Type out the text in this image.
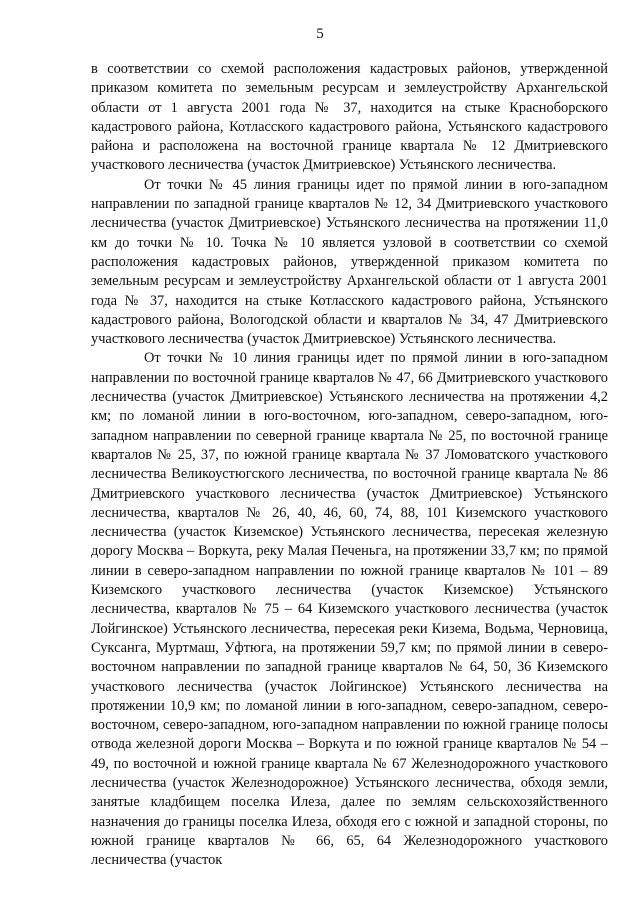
5

в соответствии со схемой расположения кадастровых районов, утвержденной приказом комитета по земельным ресурсам и землеустройству Архангельской области от 1 августа 2001 года № 37, находится на стыке Красноборского кадастрового района, Котласского кадастрового района, Устьянского кадастрового района и расположена на восточной границе квартала № 12 Дмитриевского участкового лесничества (участок Дмитриевское) Устьянского лесничества.

От точки № 45 линия границы идет по прямой линии в юго-западном направлении по западной границе кварталов № 12, 34 Дмитриевского участкового лесничества (участок Дмитриевское) Устьянского лесничества на протяжении 11,0 км до точки № 10. Точка № 10 является узловой в соответствии со схемой расположения кадастровых районов, утвержденной приказом комитета по земельным ресурсам и землеустройству Архангельской области от 1 августа 2001 года № 37, находится на стыке Котласского кадастрового района, Устьянского кадастрового района, Вологодской области и кварталов № 34, 47 Дмитриевского участкового лесничества (участок Дмитриевское) Устьянского лесничества.

От точки № 10 линия границы идет по прямой линии в юго-западном направлении по восточной границе кварталов № 47, 66 Дмитриевского участкового лесничества (участок Дмитриевское) Устьянского лесничества на протяжении 4,2 км; по ломаной линии в юго-восточном, юго-западном, северо-западном, юго-западном направлении по северной границе квартала № 25, по восточной границе кварталов № 25, 37, по южной границе квартала № 37 Ломоватского участкового лесничества Великоустюгского лесничества, по восточной границе квартала № 86 Дмитриевского участкового лесничества (участок Дмитриевское) Устьянского лесничества, кварталов № 26, 40, 46, 60, 74, 88, 101 Киземского участкового лесничества (участок Киземское) Устьянского лесничества, пересекая железную дорогу Москва – Воркута, реку Малая Печеньга, на протяжении 33,7 км; по прямой линии в северо-западном направлении по южной границе кварталов № 101 – 89 Киземского участкового лесничества (участок Киземское) Устьянского лесничества, кварталов № 75 – 64 Киземского участкового лесничества (участок Лойгинское) Устьянского лесничества, пересекая реки Кизема, Водьма, Черновица, Суксанга, Муртмаш, Уфтюга, на протяжении 59,7 км; по прямой линии в северо-восточном направлении по западной границе кварталов № 64, 50, 36 Киземского участкового лесничества (участок Лойгинское) Устьянского лесничества на протяжении 10,9 км; по ломаной линии в юго-западном, северо-западном, северо-восточном, северо-западном, юго-западном направлении по южной границе полосы отвода железной дороги Москва – Воркута и по южной границе кварталов № 54 – 49, по восточной и южной границе квартала № 67 Железнодорожного участкового лесничества (участок Железнодорожное) Устьянского лесничества, обходя земли, занятые кладбищем поселка Илеза, далее по землям сельскохозяйственного назначения до границы поселка Илеза, обходя его с южной и западной стороны, по южной границе кварталов № 66, 65, 64 Железнодорожного участкового лесничества (участок
